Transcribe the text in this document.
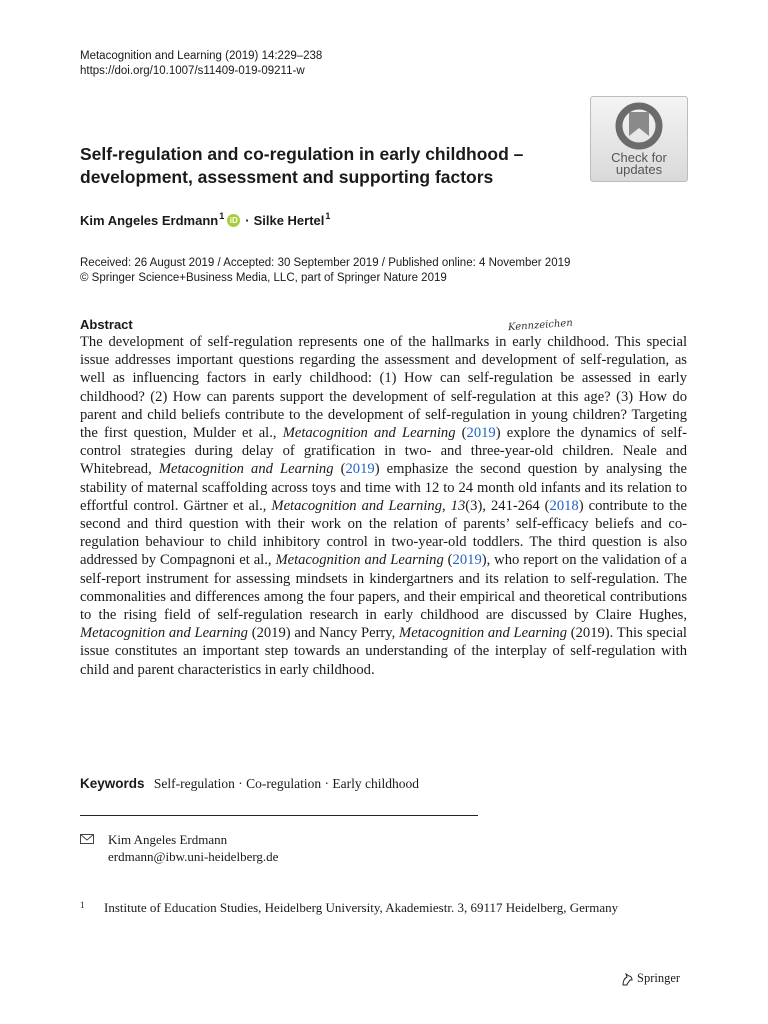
Metacognition and Learning (2019) 14:229–238
https://doi.org/10.1007/s11409-019-09211-w
Check for
updates
Self-regulation and co-regulation in early childhood – development, assessment and supporting factors
Kim Angeles Erdmann$^1$ iD · Silke Hertel$^1$
Received: 26 August 2019 / Accepted: 30 September 2019 / Published online: 4 November 2019
© Springer Science+Business Media, LLC, part of Springer Nature 2019
Abstract	Kennzeichen
The development of self-regulation represents one of the hallmarks in early childhood. This special issue addresses important questions regarding the assessment and development of self-regulation, as well as influencing factors in early childhood: (1) How can self-regulation be assessed in early childhood? (2) How can parents support the development of self-regulation at this age? (3) How do parent and child beliefs contribute to the development of self-regulation in young children? Targeting the first question, Mulder et al., Metacognition and Learning (2019) explore the dynamics of self-control strategies during delay of gratification in two- and three-year-old children. Neale and Whitebread, Metacognition and Learning (2019) emphasize the second question by analysing the stability of maternal scaffolding across toys and time with 12 to 24 month old infants and its relation to effortful control. Gärtner et al., Metacognition and Learning, 13(3), 241-264 (2018) contribute to the second and third question with their work on the relation of parents’ self-efficacy beliefs and co-regulation behaviour to child inhibitory control in two-year-old toddlers. The third question is also addressed by Compagnoni et al., Metacognition and Learning (2019), who report on the validation of a self-report instrument for assessing mindsets in kindergartners and its relation to self-regulation. The commonalities and differences among the four papers, and their empirical and theoretical contributions to the rising field of self-regulation research in early childhood are discussed by Claire Hughes, Metacognition and Learning (2019) and Nancy Perry, Metacognition and Learning (2019). This special issue constitutes an important step towards an understanding of the interplay of self-regulation with child and parent characteristics in early childhood.
Keywords Self-regulation · Co-regulation · Early childhood
Kim Angeles Erdmann
erdmann@ibw.uni-heidelberg.de
1	Institute of Education Studies, Heidelberg University, Akademiestr. 3, 69117 Heidelberg, Germany
Springer
